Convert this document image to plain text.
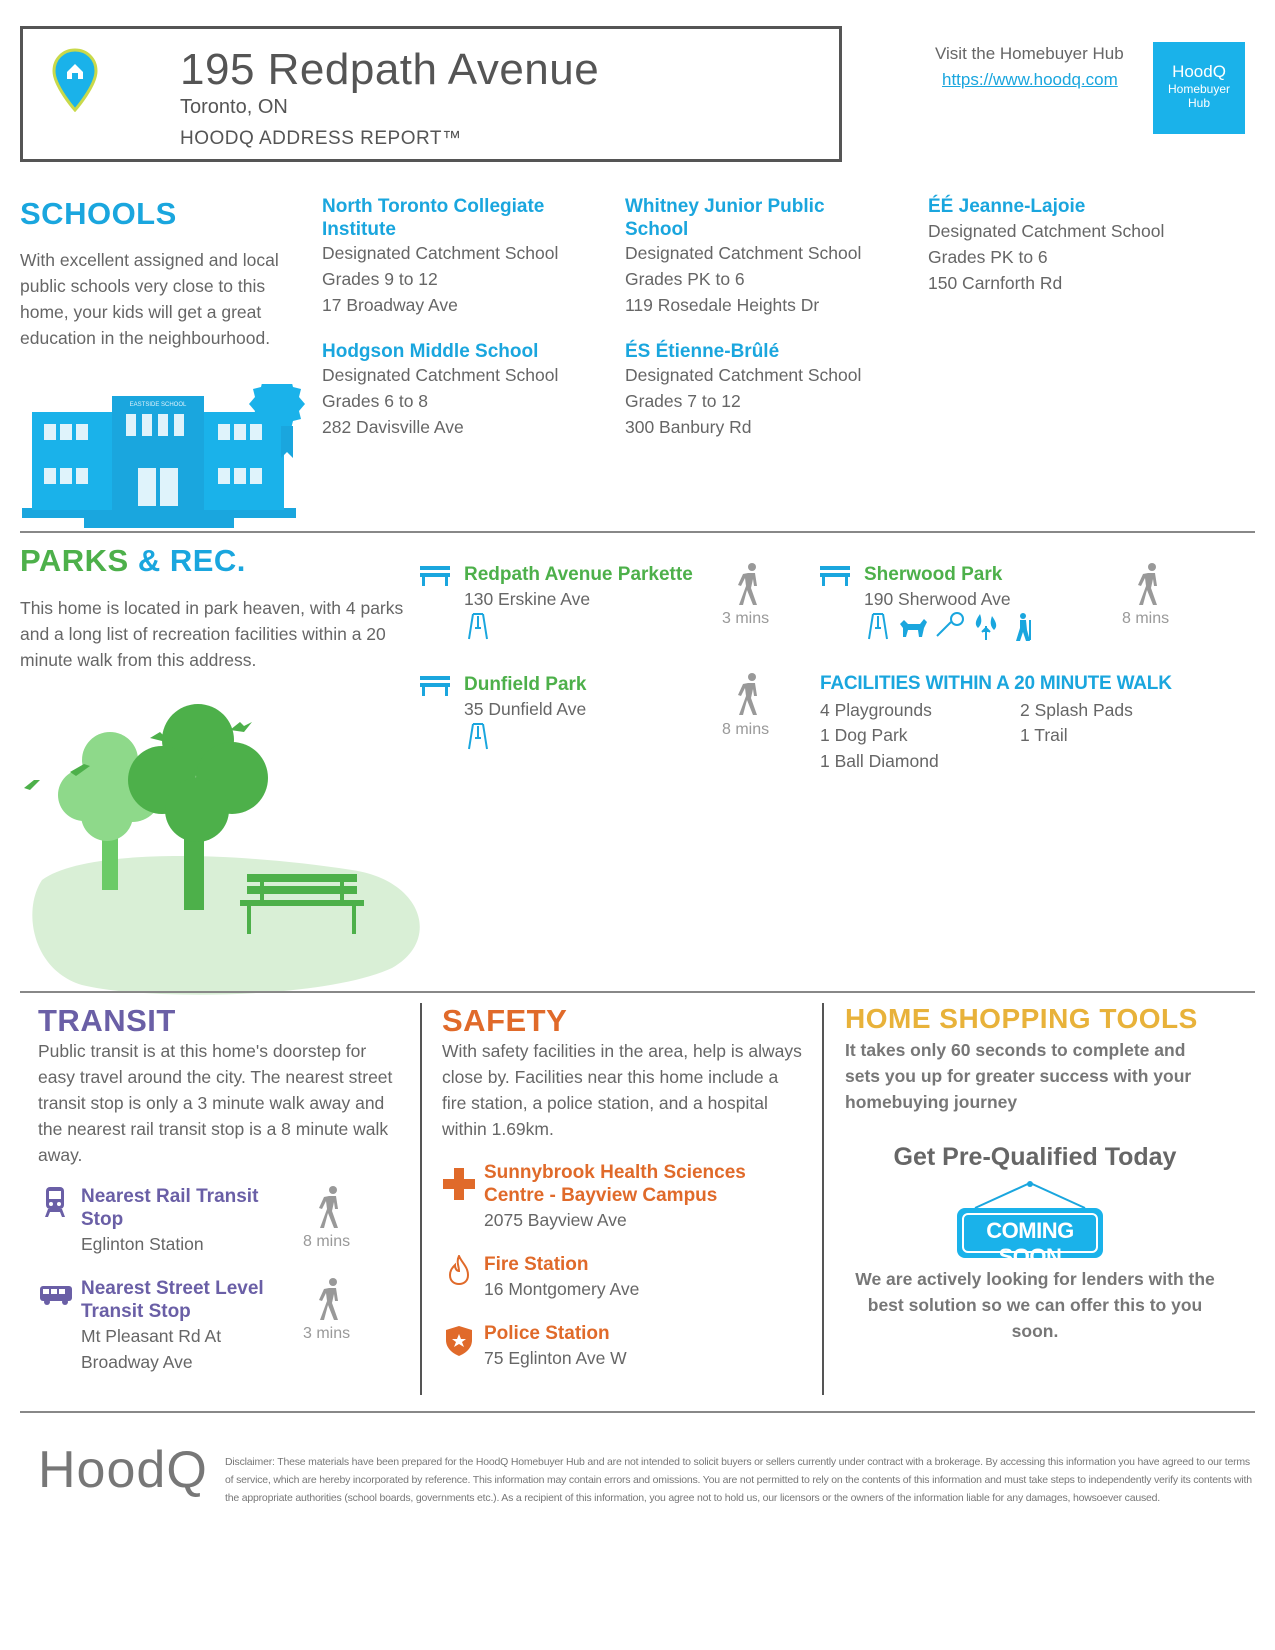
195 Redpath Avenue
Toronto, ON
HOODQ ADDRESS REPORT™
Visit the Homebuyer Hub
https://www.hoodq.com	HoodQ
Homebuyer
Hub
SCHOOLS
With excellent assigned and local public schools very close to this home, your kids will get a great education in the neighbourhood.
EASTSIDE SCHOOL
North Toronto Collegiate Institute
Designated Catchment School
Grades 9 to 12
17 Broadway Ave
Whitney Junior Public School
Designated Catchment School
Grades PK to 6
119 Rosedale Heights Dr
ÉÉ Jeanne-Lajoie
Designated Catchment School
Grades PK to 6
150 Carnforth Rd
Hodgson Middle School
Designated Catchment School
Grades 6 to 8
282 Davisville Ave
ÉS Étienne-Brûlé
Designated Catchment School
Grades 7 to 12
300 Banbury Rd
PARKS & REC.
This home is located in park heaven, with 4 parks and a long list of recreation facilities within a 20 minute walk from this address.
Redpath Avenue Parkette
130 Erskine Ave
3 mins
Sherwood Park
190 Sherwood Ave
8 mins
Dunfield Park
35 Dunfield Ave
8 mins
FACILITIES WITHIN A 20 MINUTE WALK
4 Playgrounds	2 Splash Pads
1 Dog Park	1 Trail
1 Ball Diamond
TRANSIT
Public transit is at this home's doorstep for easy travel around the city. The nearest street transit stop is only a 3 minute walk away and the nearest rail transit stop is a 8 minute walk away.
Nearest Rail Transit
Stop
Eglinton Station	8 mins
Nearest Street Level
Transit Stop
Mt Pleasant Rd At
Broadway Ave
3 mins
SAFETY
With safety facilities in the area, help is always close by. Facilities near this home include a fire station, a police station, and a hospital within 1.69km.
Sunnybrook Health Sciences
Centre - Bayview Campus
2075 Bayview Ave
Fire Station
16 Montgomery Ave
Police Station
75 Eglinton Ave W
HOME SHOPPING TOOLS
It takes only 60 seconds to complete and sets you up for greater success with your homebuying journey
Get Pre-Qualified Today
COMING SOON
We are actively looking for lenders with the best solution so we can offer this to you soon.
HoodQ Disclaimer: These materials have been prepared for the HoodQ Homebuyer Hub and are not intended to solicit buyers or sellers currently under contract with a brokerage. By accessing this information you have agreed to our terms of service, which are hereby incorporated by reference. This information may contain errors and omissions. You are not permitted to rely on the contents of this information and must take steps to independently verify its contents with the appropriate authorities (school boards, governments etc.). As a recipient of this information, you agree not to hold us, our licensors or the owners of the information liable for any damages, howsoever caused.
